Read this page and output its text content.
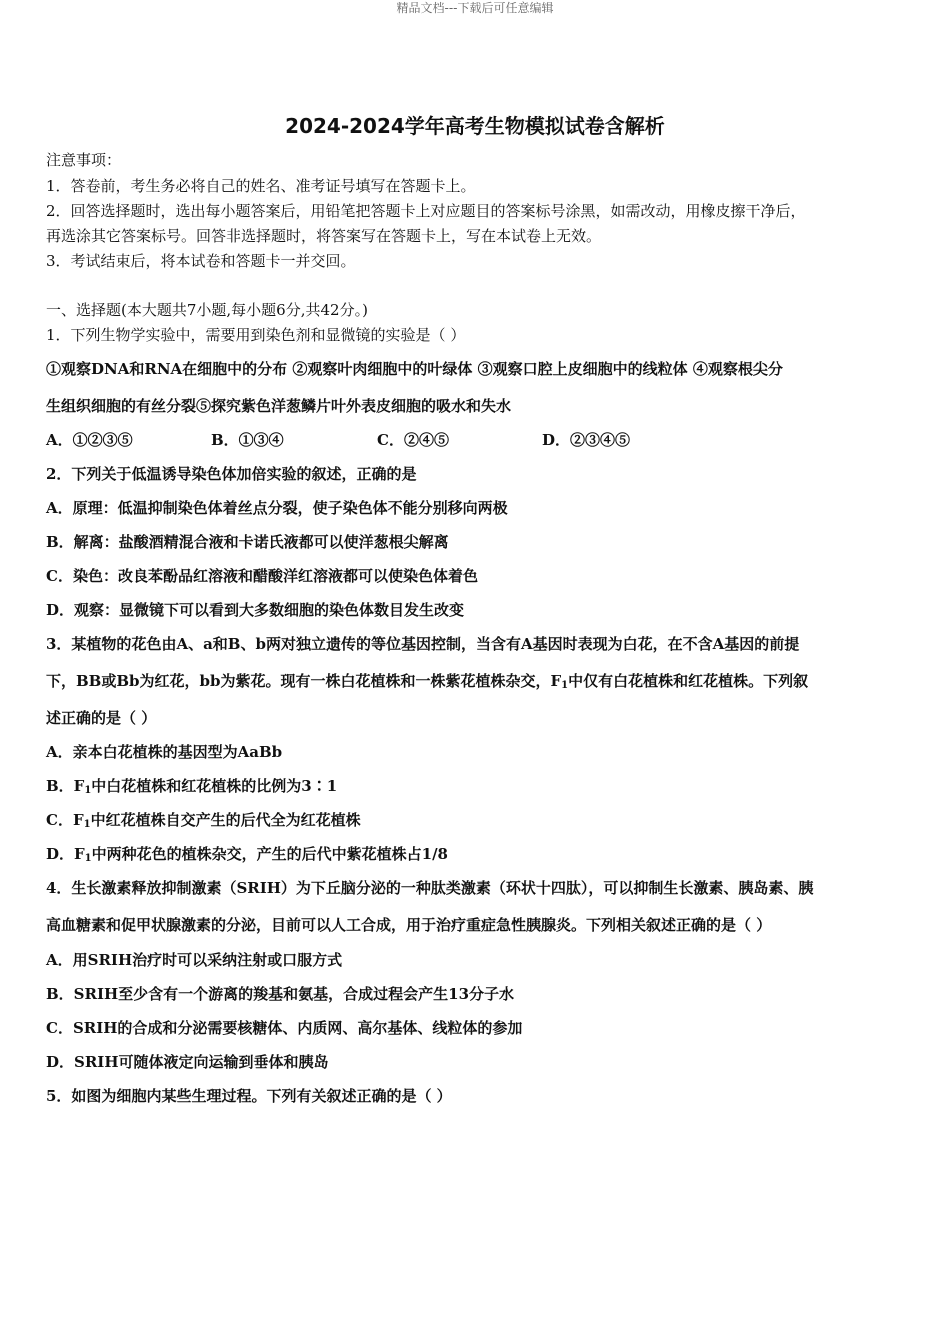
精品文档---下载后可任意编辑
2024-2024学年高考生物模拟试卷含解析
注意事项：
1．答卷前，考生务必将自己的姓名、准考证号填写在答题卡上。
2．回答选择题时，选出每小题答案后，用铅笔把答题卡上对应题目的答案标号涂黑，如需改动，用橡皮擦干净后，
再选涂其它答案标号。回答非选择题时，将答案写在答题卡上，写在本试卷上无效。
3．考试结束后，将本试卷和答题卡一并交回。
一、选择题(本大题共7小题,每小题6分,共42分。)
1．下列生物学实验中，需要用到染色剂和显微镜的实验是（ ）
①观察DNA和RNA在细胞中的分布 ②观察叶肉细胞中的叶绿体 ③观察口腔上皮细胞中的线粒体 ④观察根尖分
生组织细胞的有丝分裂⑤探究紫色洋葱鳞片叶外表皮细胞的吸水和失水
A．①②③⑤	B．①③④	C．②④⑤	D．②③④⑤
2．下列关于低温诱导染色体加倍实验的叙述，正确的是
A．原理：低温抑制染色体着丝点分裂，使子染色体不能分别移向两极
B．解离：盐酸酒精混合液和卡诺氏液都可以使洋葱根尖解离
C．染色：改良苯酚品红溶液和醋酸洋红溶液都可以使染色体着色
D．观察：显微镜下可以看到大多数细胞的染色体数目发生改变
3．某植物的花色由A、a和B、b两对独立遗传的等位基因控制，当含有A基因时表现为白花，在不含A基因的前提
下，BB或Bb为红花，bb为紫花。现有一株白花植株和一株紫花植株杂交，$F_1$中仅有白花植株和红花植株。下列叙
述正确的是（ ）
A．亲本白花植株的基因型为AaBb
B．$F_1$中白花植株和红花植株的比例为3∶1
C．$F_1$中红花植株自交产生的后代全为红花植株
D．$F_1$中两种花色的植株杂交，产生的后代中紫花植株占1/8
4．生长激素释放抑制激素（SRIH）为下丘脑分泌的一种肽类激素（环状十四肽），可以抑制生长激素、胰岛素、胰
高血糖素和促甲状腺激素的分泌，目前可以人工合成，用于治疗重症急性胰腺炎。下列相关叙述正确的是（ ）
A．用SRIH治疗时可以采纳注射或口服方式
B．SRIH至少含有一个游离的羧基和氨基，合成过程会产生13分子水
C．SRIH的合成和分泌需要核糖体、内质网、高尔基体、线粒体的参加
D．SRIH可随体液定向运输到垂体和胰岛
5．如图为细胞内某些生理过程。下列有关叙述正确的是（ ）
